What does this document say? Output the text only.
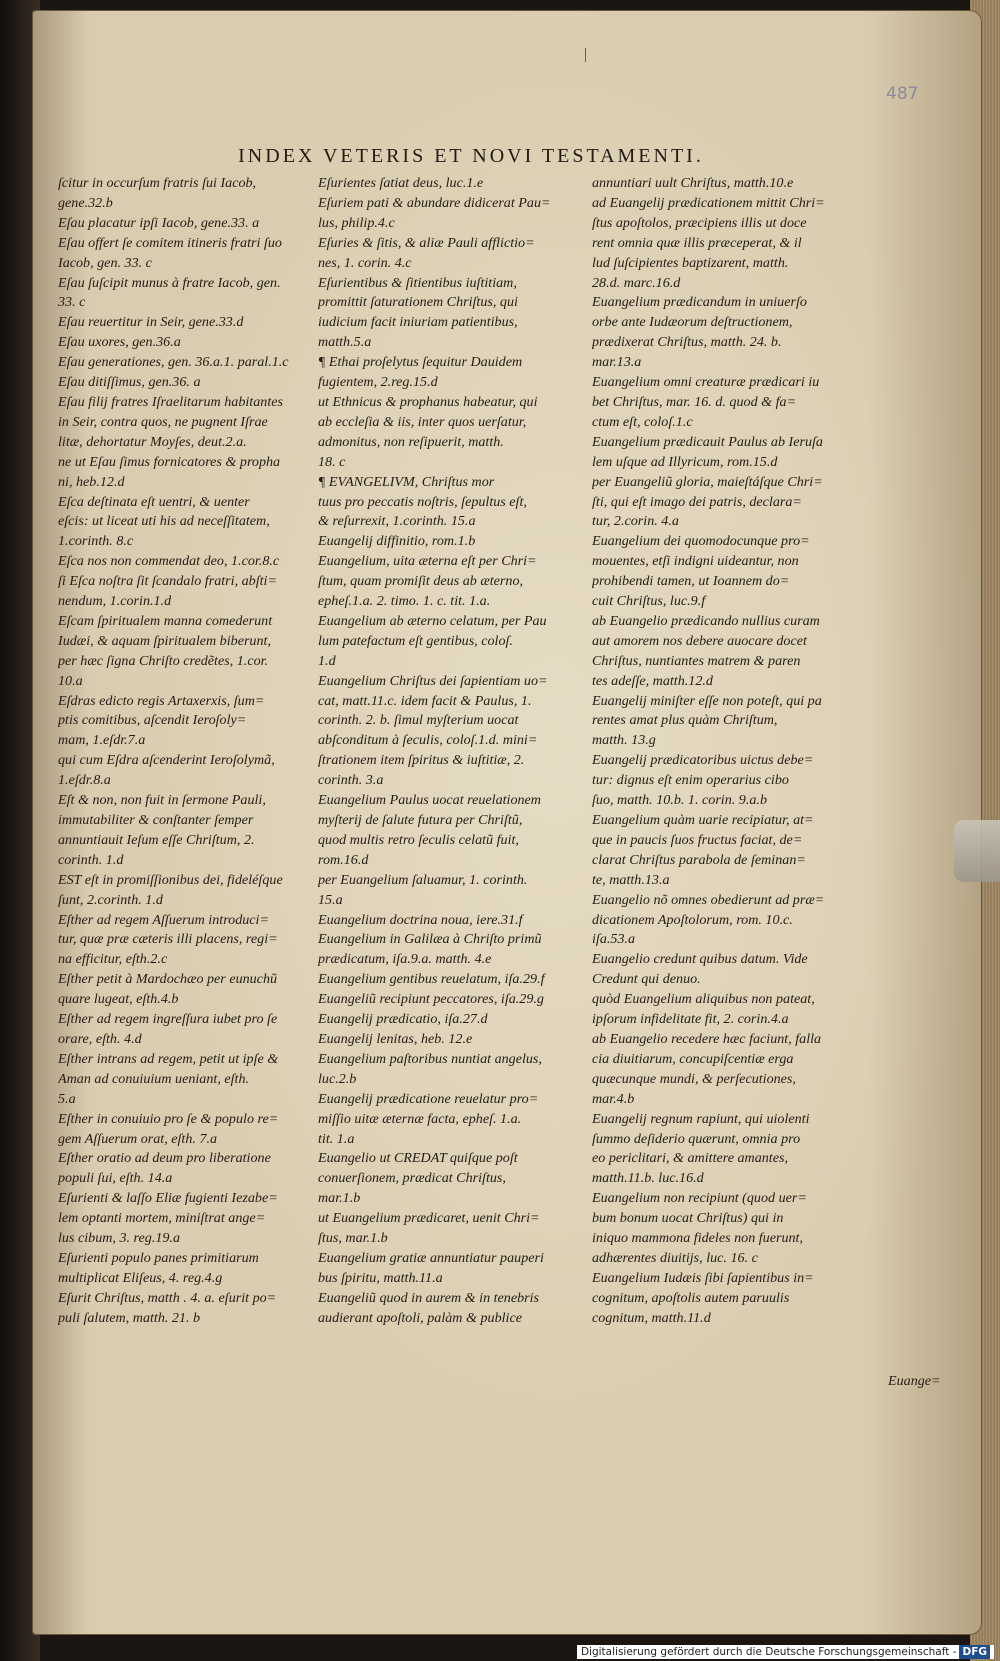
487
INDEX VETERIS ET NOVI TESTAMENTI.
ſcitur in occurſum fratris ſui Iacob,
gene.32.b
Eſau placatur ipſi Iacob, gene.33. a
Eſau offert ſe comitem itineris fratri ſuo
Iacob, gen. 33. c
Eſau ſuſcipit munus à fratre Iacob, gen.
33. c
Eſau reuertitur in Seir, gene.33.d
Eſau uxores, gen.36.a
Eſau generationes, gen. 36.a.1. paral.1.c
Eſau ditiſſimus, gen.36. a
Eſau filij fratres Iſraelitarum habitantes
in Seir, contra quos, ne pugnent Iſrae
litæ, dehortatur Moyſes, deut.2.a.
ne ut Eſau ſimus fornicatores & propha
ni, heb.12.d
Eſca deſtinata eſt uentri, & uenter
eſcis: ut liceat uti his ad neceſſitatem,
1.corinth. 8.c
Eſca nos non commendat deo, 1.cor.8.c
ſi Eſca noſtra ſit ſcandalo fratri, abſti=
nendum, 1.corin.1.d
Eſcam ſpiritualem manna comederunt
Iudæi, & aquam ſpiritualem biberunt,
per hæc ſigna Chriſto credẽtes, 1.cor.
10.a
Eſdras edicto regis Artaxerxis, ſum=
ptis comitibus, aſcendit Ieroſoly=
mam, 1.eſdr.7.a
qui cum Eſdra aſcenderint Ieroſolymã,
1.eſdr.8.a
Eſt & non, non fuit in ſermone Pauli,
immutabiliter & conſtanter ſemper
annuntiauit Ieſum eſſe Chriſtum, 2.
corinth. 1.d
EST eſt in promiſſionibus dei, fideléſque
ſunt, 2.corinth. 1.d
Eſther ad regem Aſſuerum introduci=
tur, quæ præ cæteris illi placens, regi=
na efficitur, eſth.2.c
Eſther petit à Mardochæo per eunuchũ
quare lugeat, eſth.4.b
Eſther ad regem ingreſſura iubet pro ſe
orare, eſth. 4.d
Eſther intrans ad regem, petit ut ipſe &
Aman ad conuiuium ueniant, eſth.
5.a
Eſther in conuiuio pro ſe & populo re=
gem Aſſuerum orat, eſth. 7.a
Eſther oratio ad deum pro liberatione
populi ſui, eſth. 14.a
Eſurienti & laſſo Eliæ fugienti Iezabe=
lem optanti mortem, miniſtrat ange=
lus cibum, 3. reg.19.a
Eſurienti populo panes primitiarum
multiplicat Eliſeus, 4. reg.4.g
Eſurit Chriſtus, matth . 4. a. eſurit po=
puli ſalutem, matth. 21. b
Eſurientes ſatiat deus, luc.1.e
Eſuriem pati & abundare didicerat Pau=
lus, philip.4.c
Eſuries & ſitis, & aliæ Pauli afflictio=
nes, 1. corin. 4.c
Eſurientibus & ſitientibus iuſtitiam,
promittit ſaturationem Chriſtus, qui
iudicium facit iniuriam patientibus,
matth.5.a
¶ Ethai proſelytus ſequitur Dauidem
fugientem, 2.reg.15.d
ut Ethnicus & prophanus habeatur, qui
ab eccleſia & iis, inter quos uerſatur,
admonitus, non reſipuerit, matth.
18. c
¶ EVANGELIVM, Chriſtus mor
tuus pro peccatis noſtris, ſepultus eſt,
& reſurrexit, 1.corinth. 15.a
Euangelij diffinitio, rom.1.b
Euangelium, uita æterna eſt per Chri=
ſtum, quam promiſit deus ab æterno,
epheſ.1.a. 2. timo. 1. c. tit. 1.a.
Euangelium ab æterno celatum, per Pau
lum patefactum eſt gentibus, coloſ.
1.d
Euangelium Chriſtus dei ſapientiam uo=
cat, matt.11.c. idem facit & Paulus, 1.
corinth. 2. b. ſimul myſterium uocat
abſconditum à ſeculis, coloſ.1.d. mini=
ſtrationem item ſpiritus & iuſtitiæ, 2.
corinth. 3.a
Euangelium Paulus uocat reuelationem
myſterij de ſalute futura per Chriſtũ,
quod multis retro ſeculis celatũ fuit,
rom.16.d
per Euangelium ſaluamur, 1. corinth.
15.a
Euangelium doctrina noua, iere.31.f
Euangelium in Galilæa à Chriſto primũ
prædicatum, iſa.9.a. matth. 4.e
Euangelium gentibus reuelatum, iſa.29.f
Euangeliũ recipiunt peccatores, iſa.29.g
Euangelij prædicatio, iſa.27.d
Euangelij lenitas, heb. 12.e
Euangelium paſtoribus nuntiat angelus,
luc.2.b
Euangelij prædicatione reuelatur pro=
miſſio uitæ æternæ facta, epheſ. 1.a.
tit. 1.a
Euangelio ut CREDAT quiſque poſt
conuerſionem, prædicat Chriſtus,
mar.1.b
ut Euangelium prædicaret, uenit Chri=
ſtus, mar.1.b
Euangelium gratiæ annuntiatur pauperi
bus ſpiritu, matth.11.a
Euangeliũ quod in aurem & in tenebris
audierant apoſtoli, palàm & publice
annuntiari uult Chriſtus, matth.10.e
ad Euangelij prædicationem mittit Chri=
ſtus apoſtolos, præcipiens illis ut doce
rent omnia quæ illis præceperat, & il
lud ſuſcipientes baptizarent, matth.
28.d. marc.16.d
Euangelium prædicandum in uniuerſo
orbe ante Iudæorum deſtructionem,
prædixerat Chriſtus, matth. 24. b.
mar.13.a
Euangelium omni creaturæ prædicari iu
bet Chriſtus, mar. 16. d. quod & fa=
ctum eſt, coloſ.1.c
Euangelium prædicauit Paulus ab Ieruſa
lem uſque ad Illyricum, rom.15.d
per Euangeliũ gloria, maieſtáſque Chri=
ſti, qui eſt imago dei patris, declara=
tur, 2.corin. 4.a
Euangelium dei quomodocunque pro=
mouentes, etſi indigni uideantur, non
prohibendi tamen, ut Ioannem do=
cuit Chriſtus, luc.9.f
ab Euangelio prædicando nullius curam
aut amorem nos debere auocare docet
Chriſtus, nuntiantes matrem & paren
tes adeſſe, matth.12.d
Euangelij miniſter eſſe non poteſt, qui pa
rentes amat plus quàm Chriſtum,
matth. 13.g
Euangelij prædicatoribus uictus debe=
tur: dignus eſt enim operarius cibo
ſuo, matth. 10.b. 1. corin. 9.a.b
Euangelium quàm uarie recipiatur, at=
que in paucis ſuos fructus faciat, de=
clarat Chriſtus parabola de ſeminan=
te, matth.13.a
Euangelio nõ omnes obedierunt ad præ=
dicationem Apoſtolorum, rom. 10.c.
iſa.53.a
Euangelio credunt quibus datum. Vide
Credunt qui denuo.
quòd Euangelium aliquibus non pateat,
ipſorum infidelitate fit, 2. corin.4.a
ab Euangelio recedere hæc faciunt, falla
cia diuitiarum, concupiſcentiæ erga
quæcunque mundi, & perſecutiones,
mar.4.b
Euangelij regnum rapiunt, qui uiolenti
ſummo deſiderio quærunt, omnia pro
eo periclitari, & amittere amantes,
matth.11.b. luc.16.d
Euangelium non recipiunt (quod uer=
bum bonum uocat Chriſtus) qui in
iniquo mammona fideles non fuerunt,
adhærentes diuitijs, luc. 16. c
Euangelium Iudæis ſibi ſapientibus in=
cognitum, apoſtolis autem paruulis
cognitum, matth.11.d
Euange=
Digitalisierung gefördert durch die Deutsche Forschungsgemeinschaft - DFG
